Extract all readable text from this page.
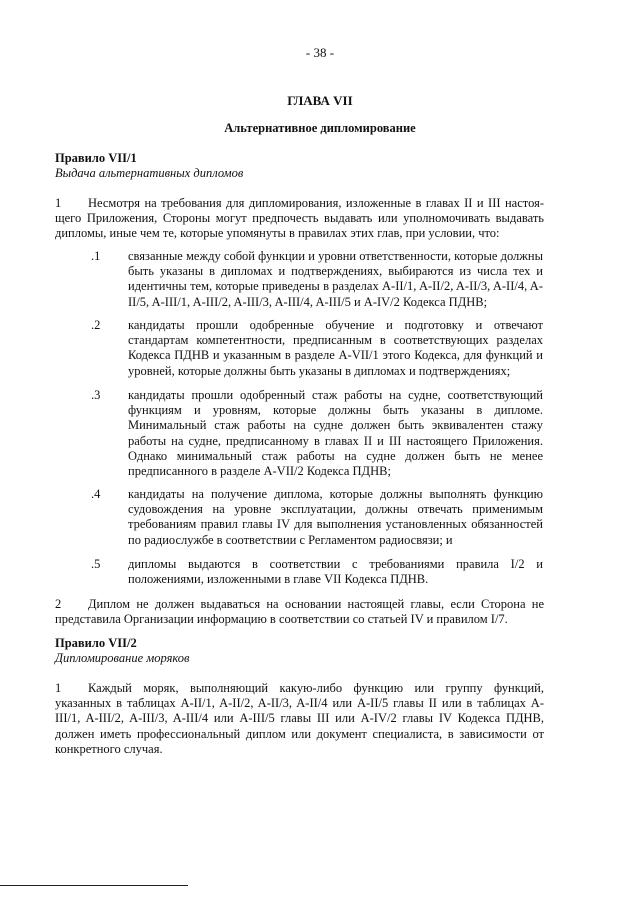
- 38 -
ГЛАВА VII
Альтернативное дипломирование
Правило VII/1
Выдача альтернативных дипломов
1 Несмотря на требования для дипломирования, изложенные в главах II и III настоящего Приложения, Стороны могут предпочесть выдавать или уполномочивать выдавать дипломы, иные чем те, которые упомянуты в правилах этих глав, при условии, что:
.1	связанные между собой функции и уровни ответственности, которые должны быть указаны в дипломах и подтверждениях, выбираются из числа тех и идентичны тем, которые приведены в разделах A-II/1, A-II/2, A-II/3, A-II/4, A-II/5, A-III/1, A-III/2, A-III/3, A-III/4, A-III/5 и A-IV/2 Кодекса ПДНВ;
.2	кандидаты прошли одобренные обучение и подготовку и отвечают стандартам компетентности, предписанным в соответствующих разделах Кодекса ПДНВ и указанным в разделе A-VII/1 этого Кодекса, для функций и уровней, которые должны быть указаны в дипломах и подтверждениях;
.3	кандидаты прошли одобренный стаж работы на судне, соответствующий функциям и уровням, которые должны быть указаны в дипломе. Минимальный стаж работы на судне должен быть эквивалентен стажу работы на судне, предписанному в главах II и III настоящего Приложения. Однако минимальный стаж работы на судне должен быть не менее предписанного в разделе A-VII/2 Кодекса ПДНВ;
.4	кандидаты на получение диплома, которые должны выполнять функцию судовождения на уровне эксплуатации, должны отвечать применимым требованиям правил главы IV для выполнения установленных обязанностей по радиослужбе в соответствии с Регламентом радиосвязи; и
.5	дипломы выдаются в соответствии с требованиями правила I/2 и положениями, изложенными в главе VII Кодекса ПДНВ.
2 Диплом не должен выдаваться на основании настоящей главы, если Сторона не представила Организации информацию в соответствии со статьей IV и правилом I/7.
Правило VII/2
Дипломирование моряков
1 Каждый моряк, выполняющий какую-либо функцию или группу функций, указанных в таблицах A-II/1, A-II/2, A-II/3, A-II/4 или A-II/5 главы II или в таблицах A-III/1, A-III/2, A-III/3, A-III/4 или A-III/5 главы III или A-IV/2 главы IV Кодекса ПДНВ, должен иметь профессиональный диплом или документ специалиста, в зависимости от конкретного случая.
